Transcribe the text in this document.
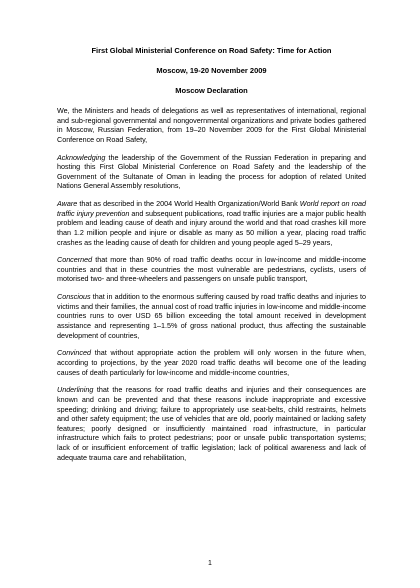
First Global Ministerial Conference on Road Safety: Time for Action
Moscow, 19-20 November 2009
Moscow Declaration

We, the Ministers and heads of delegations as well as representatives of international, regional and sub-regional governmental and nongovernmental organizations and private bodies gathered in Moscow, Russian Federation, from 19–20 November 2009 for the First Global Ministerial Conference on Road Safety,

Acknowledging the leadership of the Government of the Russian Federation in preparing and hosting this First Global Ministerial Conference on Road Safety and the leadership of the Government of the Sultanate of Oman in leading the process for adoption of related United Nations General Assembly resolutions,

Aware that as described in the 2004 World Health Organization/World Bank World report on road traffic injury prevention and subsequent publications, road traffic injuries are a major public health problem and leading cause of death and injury around the world and that road crashes kill more than 1.2 million people and injure or disable as many as 50 million a year, placing road traffic crashes as the leading cause of death for children and young people aged 5–29 years,

Concerned that more than 90% of road traffic deaths occur in low-income and middle-income countries and that in these countries the most vulnerable are pedestrians, cyclists, users of motorised two- and three-wheelers and passengers on unsafe public transport,

Conscious that in addition to the enormous suffering caused by road traffic deaths and injuries to victims and their families, the annual cost of road traffic injuries in low-income and middle-income countries runs to over USD 65 billion exceeding the total amount received in development assistance and representing 1–1.5% of gross national product, thus affecting the sustainable development of countries,

Convinced that without appropriate action the problem will only worsen in the future when, according to projections, by the year 2020 road traffic deaths will become one of the leading causes of death particularly for low-income and middle-income countries,

Underlining that the reasons for road traffic deaths and injuries and their consequences are known and can be prevented and that these reasons include inappropriate and excessive speeding; drinking and driving; failure to appropriately use seat-belts, child restraints, helmets and other safety equipment; the use of vehicles that are old, poorly maintained or lacking safety features; poorly designed or insufficiently maintained road infrastructure, in particular infrastructure which fails to protect pedestrians; poor or unsafe public transportation systems; lack of or insufficient enforcement of traffic legislation; lack of political awareness and lack of adequate trauma care and rehabilitation,

1
